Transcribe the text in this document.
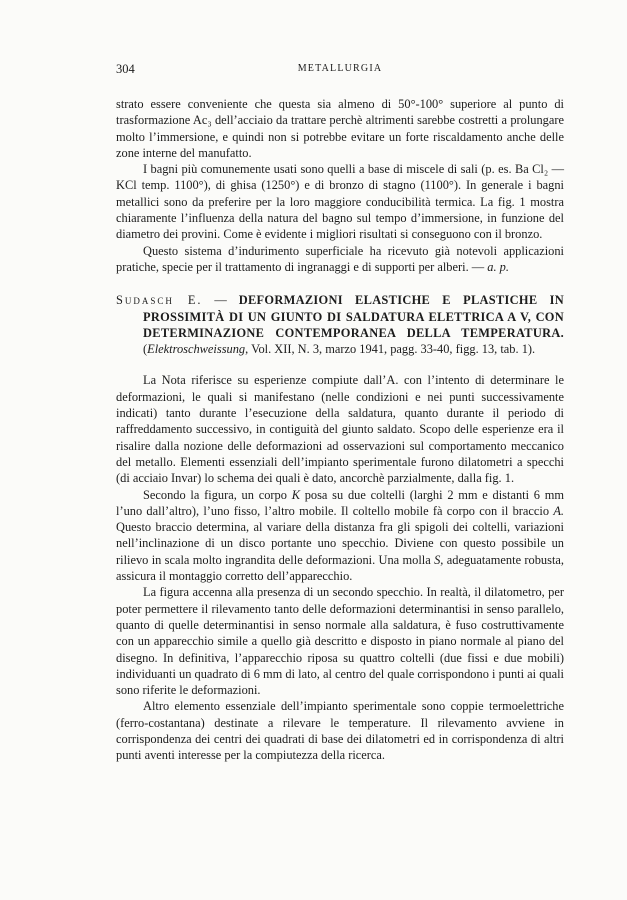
304	METALLURGIA

strato essere conveniente che questa sia almeno di 50°-100° superiore al punto di trasformazione Ac₃ dell’acciaio da trattare perchè altrimenti sarebbe costretti a prolungare molto l’immersione, e quindi non si potrebbe evitare un forte riscaldamento anche delle zone interne del manufatto.

I bagni più comunemente usati sono quelli a base di miscele di sali (p. es. Ba Cl₂ — KCl temp. 1100°), di ghisa (1250°) e di bronzo di stagno (1100°). In generale i bagni metallici sono da preferire per la loro maggiore conducibilità termica. La fig. 1 mostra chiaramente l’influenza della natura del bagno sul tempo d’immersione, in funzione del diametro dei provini. Come è evidente i migliori risultati si conseguono con il bronzo.

Questo sistema d’indurimento superficiale ha ricevuto già notevoli applicazioni pratiche, specie per il trattamento di ingranaggi e di supporti per alberi. — a. p.

Sudasch E. — DEFORMAZIONI ELASTICHE E PLASTICHE IN PROSSIMITÀ DI UN GIUNTO DI SALDATURA ELETTRICA A V, CON DETERMINAZIONE CONTEMPORANEA DELLA TEMPERATURA. (Elektroschweissung, Vol. XII, N. 3, marzo 1941, pagg. 33-40, figg. 13, tab. 1).

La Nota riferisce su esperienze compiute dall’A. con l’intento di determinare le deformazioni, le quali si manifestano (nelle condizioni e nei punti successivamente indicati) tanto durante l’esecuzione della saldatura, quanto durante il periodo di raffreddamento successivo, in contiguità del giunto saldato. Scopo delle esperienze era il risalire dalla nozione delle deformazioni ad osservazioni sul comportamento meccanico del metallo. Elementi essenziali dell’impianto sperimentale furono dilatometri a specchi (di acciaio Invar) lo schema dei quali è dato, ancorchè parzialmente, dalla fig. 1.

Secondo la figura, un corpo K posa su due coltelli (larghi 2 mm e distanti 6 mm l’uno dall’altro), l’uno fisso, l’altro mobile. Il coltello mobile fà corpo con il braccio A. Questo braccio determina, al variare della distanza fra gli spigoli dei coltelli, variazioni nell’inclinazione di un disco portante uno specchio. Diviene con questo possibile un rilievo in scala molto ingrandita delle deformazioni. Una molla S, adeguatamente robusta, assicura il montaggio corretto dell’apparecchio.

La figura accenna alla presenza di un secondo specchio. In realtà, il dilatometro, per poter permettere il rilevamento tanto delle deformazioni determinantisi in senso parallelo, quanto di quelle determinantisi in senso normale alla saldatura, è fuso costruttivamente con un apparecchio simile a quello già descritto e disposto in piano normale al piano del disegno. In definitiva, l’apparecchio riposa su quattro coltelli (due fissi e due mobili) individuanti un quadrato di 6 mm di lato, al centro del quale corrispondono i punti ai quali sono riferite le deformazioni.

Altro elemento essenziale dell’impianto sperimentale sono coppie termoelettriche (ferro-costantana) destinate a rilevare le temperature. Il rilevamento avviene in corrispondenza dei centri dei quadrati di base dei dilatometri ed in corrispondenza di altri punti aventi interesse per la compiutezza della ricerca.
